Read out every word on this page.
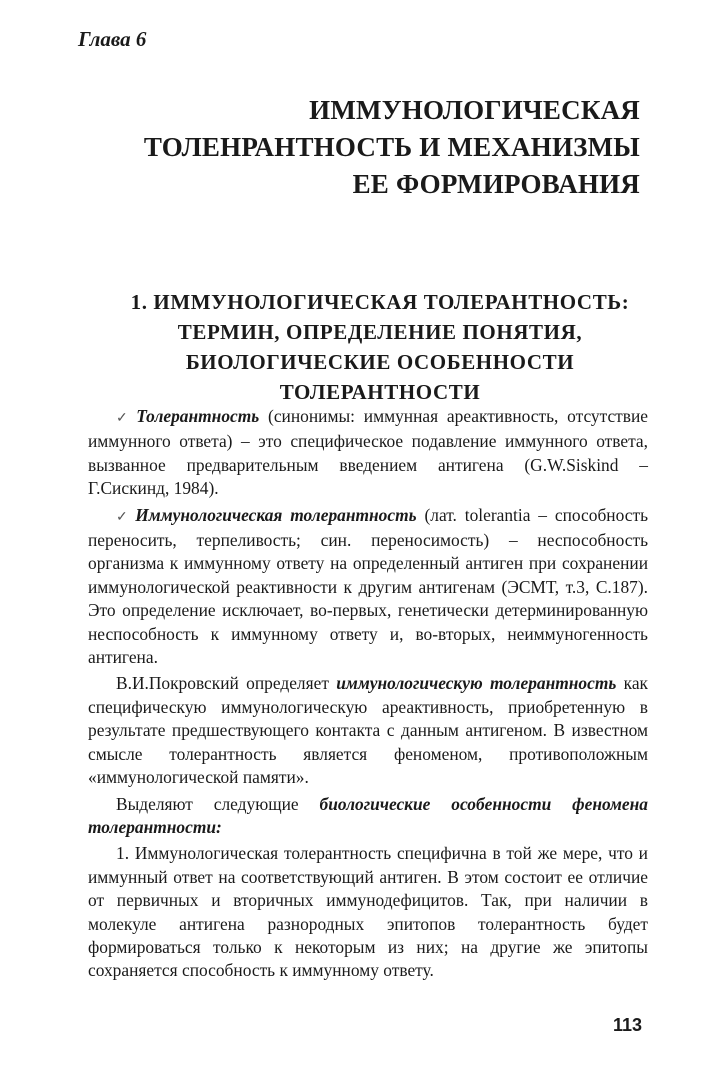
Глава 6
ИММУНОЛОГИЧЕСКАЯ
ТОЛЕНРАНТНОСТЬ И МЕХАНИЗМЫ
ЕЕ ФОРМИРОВАНИЯ
1. ИММУНОЛОГИЧЕСКАЯ ТОЛЕРАНТНОСТЬ:
ТЕРМИН, ОПРЕДЕЛЕНИЕ ПОНЯТИЯ,
БИОЛОГИЧЕСКИЕ ОСОБЕННОСТИ
ТОЛЕРАНТНОСТИ

✓ Толерантность (синонимы: иммунная ареактивность, отсутствие иммунного ответа) – это специфическое подавление иммунного ответа, вызванное предварительным введением антигена (G.W.Siskind – Г.Сискинд, 1984).

✓ Иммунологическая толерантность (лат. tolerantia – способность переносить, терпеливость; син. переносимость) – неспособность организма к иммунному ответу на определенный антиген при сохранении иммунологической реактивности к другим антигенам (ЭСМТ, т.3, С.187). Это определение исключает, во-первых, генетически детерминированную неспособность к иммунному ответу и, во-вторых, неиммуногенность антигена.

В.И.Покровский определяет иммунологическую толерантность как специфическую иммунологическую ареактивность, приобретенную в результате предшествующего контакта с данным антигеном. В известном смысле толерантность является феноменом, противоположным «иммунологической памяти».

Выделяют следующие биологические особенности феномена толерантности:

1. Иммунологическая толерантность специфична в той же мере, что и иммунный ответ на соответствующий антиген. В этом состоит ее отличие от первичных и вторичных иммунодефицитов. Так, при наличии в молекуле антигена разнородных эпитопов толерантность будет формироваться только к некоторым из них; на другие же эпитопы сохраняется способность к иммунному ответу.

113
